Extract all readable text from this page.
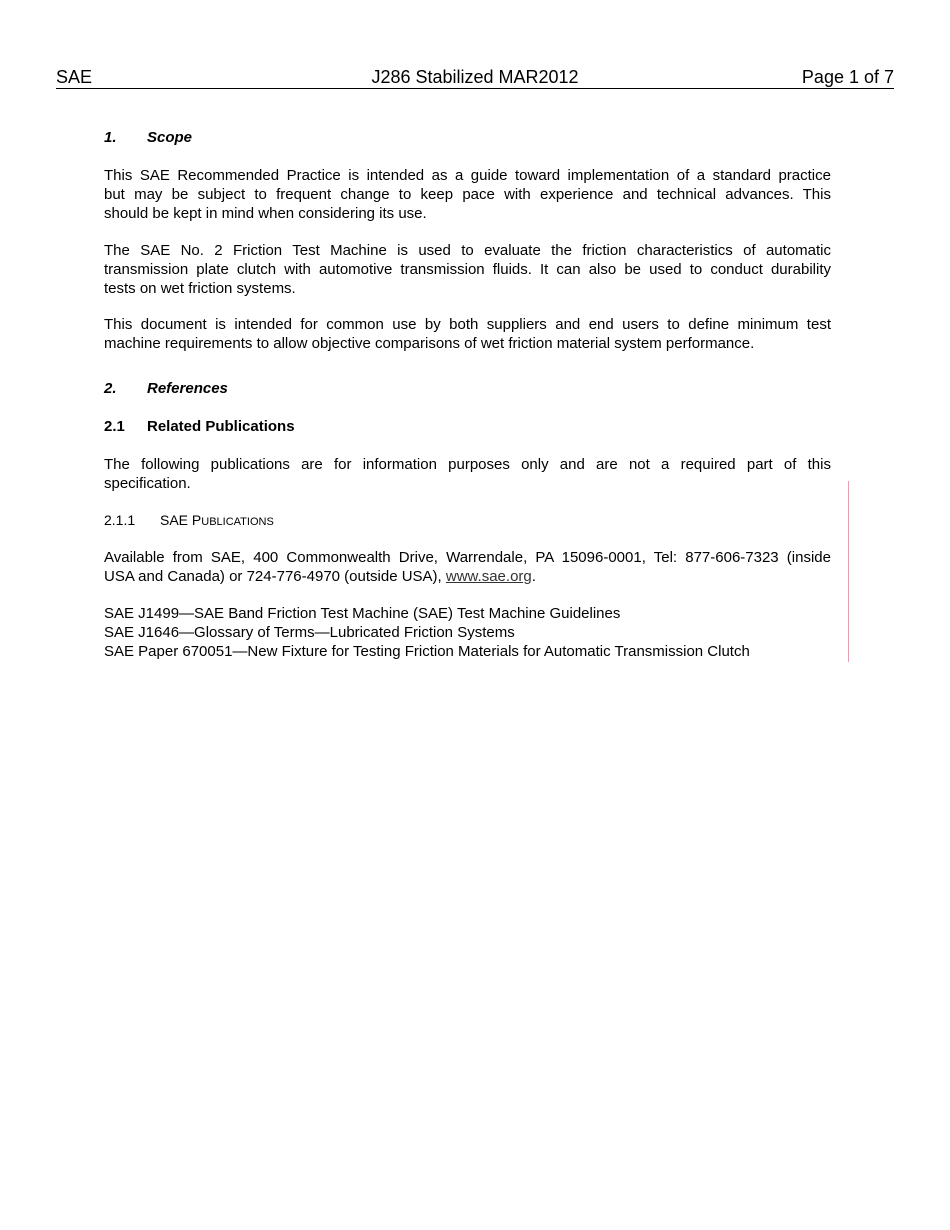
SAE	J286 Stabilized MAR2012	Page 1 of 7
1. Scope
This SAE Recommended Practice is intended as a guide toward implementation of a standard practice
but may be subject to frequent change to keep pace with experience and technical advances. This
should be kept in mind when considering its use.
The SAE No. 2 Friction Test Machine is used to evaluate the friction characteristics of automatic
transmission plate clutch with automotive transmission fluids. It can also be used to conduct durability
tests on wet friction systems.
This document is intended for common use by both suppliers and end users to define minimum test
machine requirements to allow objective comparisons of wet friction material system performance.
2. References
2.1 Related Publications
The following publications are for information purposes only and are not a required part of this
specification.
2.1.1 SAE PUBLICATIONS
Available from SAE, 400 Commonwealth Drive, Warrendale, PA 15096-0001, Tel: 877-606-7323 (inside
USA and Canada) or 724-776-4970 (outside USA), www.sae.org.
SAE J1499—SAE Band Friction Test Machine (SAE) Test Machine Guidelines
SAE J1646—Glossary of Terms—Lubricated Friction Systems
SAE Paper 670051—New Fixture for Testing Friction Materials for Automatic Transmission Clutch
